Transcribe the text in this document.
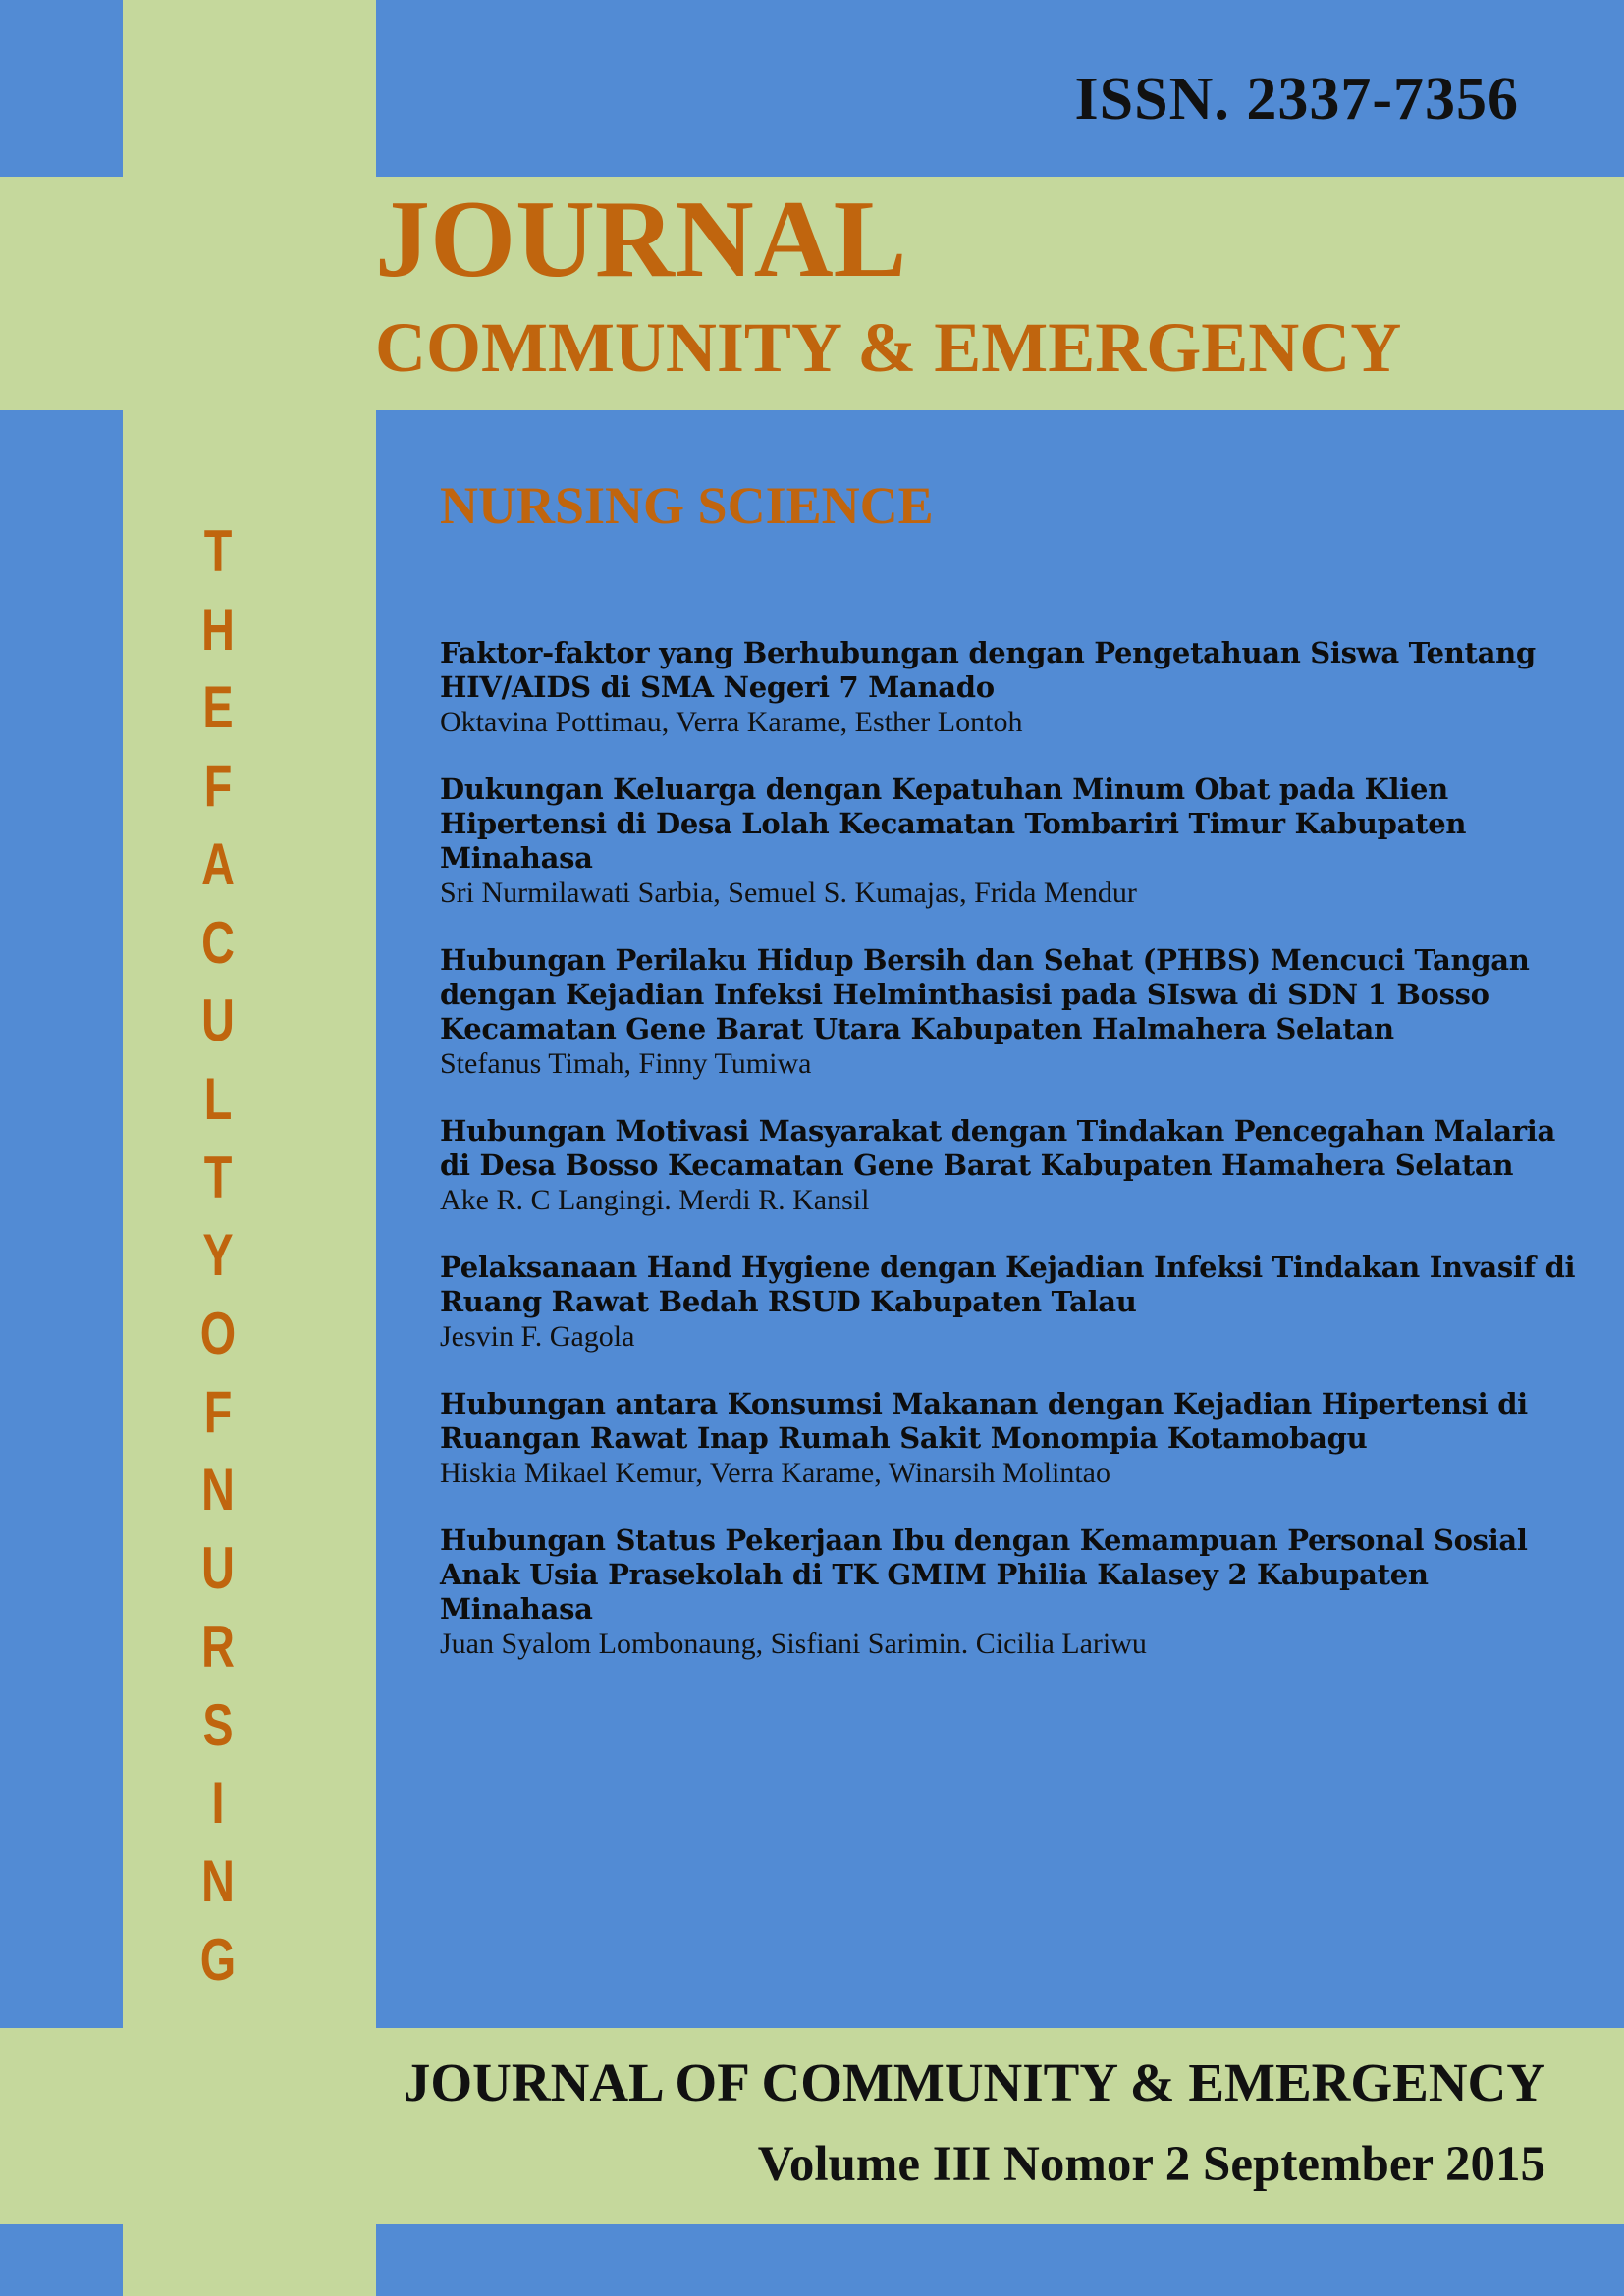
ISSN. 2337-7356
JOURNAL
COMMUNITY & EMERGENCY
NURSING SCIENCE
T
H
E
F
A
C
U
L
T
Y
O
F
N
U
R
S
I
N
G
Faktor-faktor yang Berhubungan dengan Pengetahuan Siswa Tentang HIV/AIDS di SMA Negeri 7 Manado
Oktavina Pottimau, Verra Karame, Esther Lontoh
Dukungan Keluarga dengan Kepatuhan Minum Obat pada Klien Hipertensi di Desa Lolah Kecamatan Tombariri Timur Kabupaten Minahasa
Sri Nurmilawati Sarbia, Semuel S. Kumajas, Frida Mendur
Hubungan Perilaku Hidup Bersih dan Sehat (PHBS) Mencuci Tangan dengan Kejadian Infeksi Helminthasisi pada SIswa di SDN 1 Bosso Kecamatan Gene Barat Utara Kabupaten Halmahera Selatan
Stefanus Timah, Finny Tumiwa
Hubungan Motivasi Masyarakat dengan Tindakan Pencegahan Malaria di Desa Bosso Kecamatan Gene Barat Kabupaten Hamahera Selatan
Ake R. C Langingi. Merdi R. Kansil
Pelaksanaan Hand Hygiene dengan Kejadian Infeksi Tindakan Invasif di Ruang Rawat Bedah RSUD Kabupaten Talau
Jesvin F. Gagola
Hubungan antara Konsumsi Makanan dengan Kejadian Hipertensi di Ruangan Rawat Inap Rumah Sakit Monompia Kotamobagu
Hiskia Mikael Kemur, Verra Karame, Winarsih Molintao
Hubungan Status Pekerjaan Ibu dengan Kemampuan Personal Sosial Anak Usia Prasekolah di TK GMIM Philia Kalasey 2 Kabupaten Minahasa
Juan Syalom Lombonaung, Sisfiani Sarimin. Cicilia Lariwu
JOURNAL OF COMMUNITY & EMERGENCY
Volume III Nomor 2 September 2015
